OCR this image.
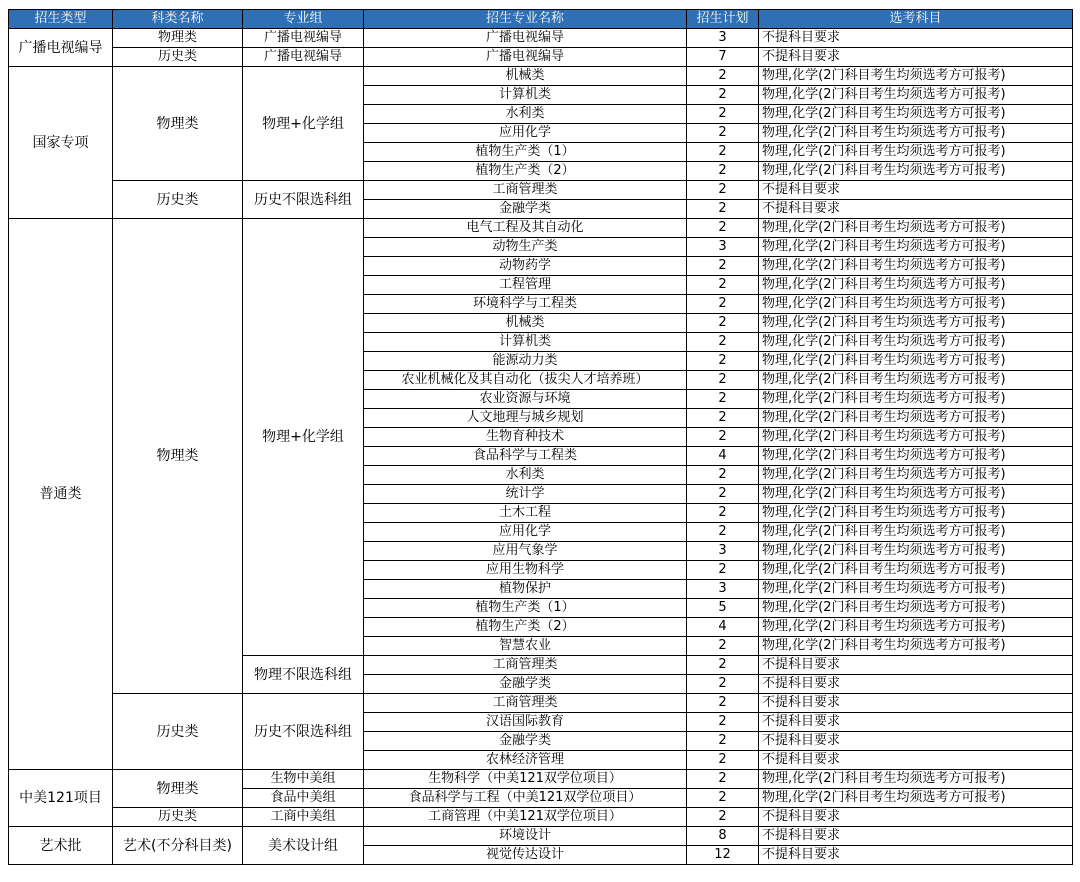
招生类型	科类名称	专业组	招生专业名称	招生计划	选考科目
广播电视编导	物理类	广播电视编导	广播电视编导	3	不提科目要求
	历史类	广播电视编导	广播电视编导	7	不提科目要求
国家专项	物理类	物理+化学组	机械类	2	物理,化学(2门科目考生均须选考方可报考)
			计算机类	2	物理,化学(2门科目考生均须选考方可报考)
			水利类	2	物理,化学(2门科目考生均须选考方可报考)
			应用化学	2	物理,化学(2门科目考生均须选考方可报考)
			植物生产类（1）	2	物理,化学(2门科目考生均须选考方可报考)
			植物生产类（2）	2	物理,化学(2门科目考生均须选考方可报考)
	历史类	历史不限选科组	工商管理类	2	不提科目要求
			金融学类	2	不提科目要求
普通类	物理类	物理+化学组	电气工程及其自动化	2	物理,化学(2门科目考生均须选考方可报考)
			动物生产类	3	物理,化学(2门科目考生均须选考方可报考)
			动物药学	2	物理,化学(2门科目考生均须选考方可报考)
			工程管理	2	物理,化学(2门科目考生均须选考方可报考)
			环境科学与工程类	2	物理,化学(2门科目考生均须选考方可报考)
			机械类	2	物理,化学(2门科目考生均须选考方可报考)
			计算机类	2	物理,化学(2门科目考生均须选考方可报考)
			能源动力类	2	物理,化学(2门科目考生均须选考方可报考)
			农业机械化及其自动化（拔尖人才培养班）	2	物理,化学(2门科目考生均须选考方可报考)
			农业资源与环境	2	物理,化学(2门科目考生均须选考方可报考)
			人文地理与城乡规划	2	物理,化学(2门科目考生均须选考方可报考)
			生物育种技术	2	物理,化学(2门科目考生均须选考方可报考)
			食品科学与工程类	4	物理,化学(2门科目考生均须选考方可报考)
			水利类	2	物理,化学(2门科目考生均须选考方可报考)
			统计学	2	物理,化学(2门科目考生均须选考方可报考)
			土木工程	2	物理,化学(2门科目考生均须选考方可报考)
			应用化学	2	物理,化学(2门科目考生均须选考方可报考)
			应用气象学	3	物理,化学(2门科目考生均须选考方可报考)
			应用生物科学	2	物理,化学(2门科目考生均须选考方可报考)
			植物保护	3	物理,化学(2门科目考生均须选考方可报考)
			植物生产类（1）	5	物理,化学(2门科目考生均须选考方可报考)
			植物生产类（2）	4	物理,化学(2门科目考生均须选考方可报考)
			智慧农业	2	物理,化学(2门科目考生均须选考方可报考)
		物理不限选科组	工商管理类	2	不提科目要求
			金融学类	2	不提科目要求
	历史类	历史不限选科组	工商管理类	2	不提科目要求
			汉语国际教育	2	不提科目要求
			金融学类	2	不提科目要求
			农林经济管理	2	不提科目要求
中美121项目	物理类	生物中美组	生物科学（中美121双学位项目）	2	物理,化学(2门科目考生均须选考方可报考)
		食品中美组	食品科学与工程（中美121双学位项目）	2	物理,化学(2门科目考生均须选考方可报考)
	历史类	工商中美组	工商管理（中美121双学位项目）	2	不提科目要求
艺术批	艺术(不分科目类)	美术设计组	环境设计	8	不提科目要求
			视觉传达设计	12	不提科目要求
